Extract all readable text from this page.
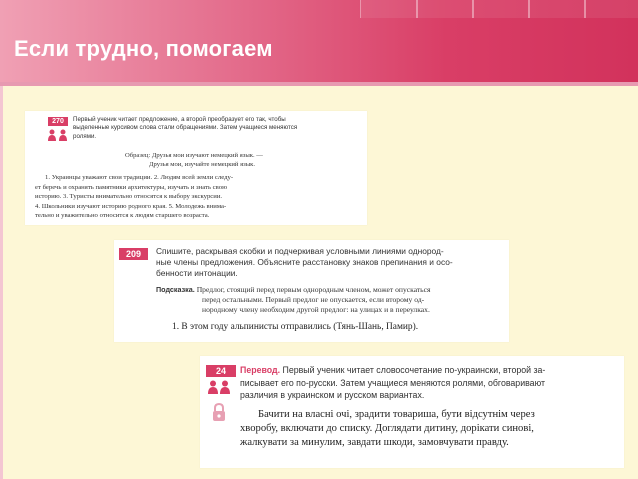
Если трудно, помогаем
270	Первый ученик читает предложение, а второй преобразует его так, чтобы
выделенные курсивом слова стали обращениями. Затем учащиеся меняются
ролями.
Образец: Друзья мои изучают немецкий язык. —
Друзья мои, изучайте немецкий язык.
1. Украинцы уважают свои традиции. 2. Людям всей земли следу-
ет беречь и охранять памятники архитектуры, изучать и знать свою
историю. 3. Туристы внимательно относятся к выбору экскурсии.
4. Школьники изучают историю родного края. 5. Молодежь внима-
тельно и уважительно относится к людям старшего возраста.
209	Спишите, раскрывая скобки и подчеркивая условными линиями однород-
ные члены предложения. Объясните расстановку знаков препинания и осо-
бенности интонации.
Подсказка. Предлог, стоящий перед первым однородным членом, может опускаться
перед остальными. Первый предлог не опускается, если второму од-
нородному члену необходим другой предлог: на улицах и в переулках.
1. В этом году альпинисты отправились (Тянь-Шань, Памир).
24	Перевод. Первый ученик читает словосочетание по-украински, второй за-
писывает его по-русски. Затем учащиеся меняются ролями, обговаривают
различия в украинском и русском вариантах.
Бачити на власні очі, зрадити товариша, бути відсутнім через
хворобу, включати до списку. Доглядати дитину, дорікати синові,
жалкувати за минулим, завдати шкоди, замовчувати правду.
